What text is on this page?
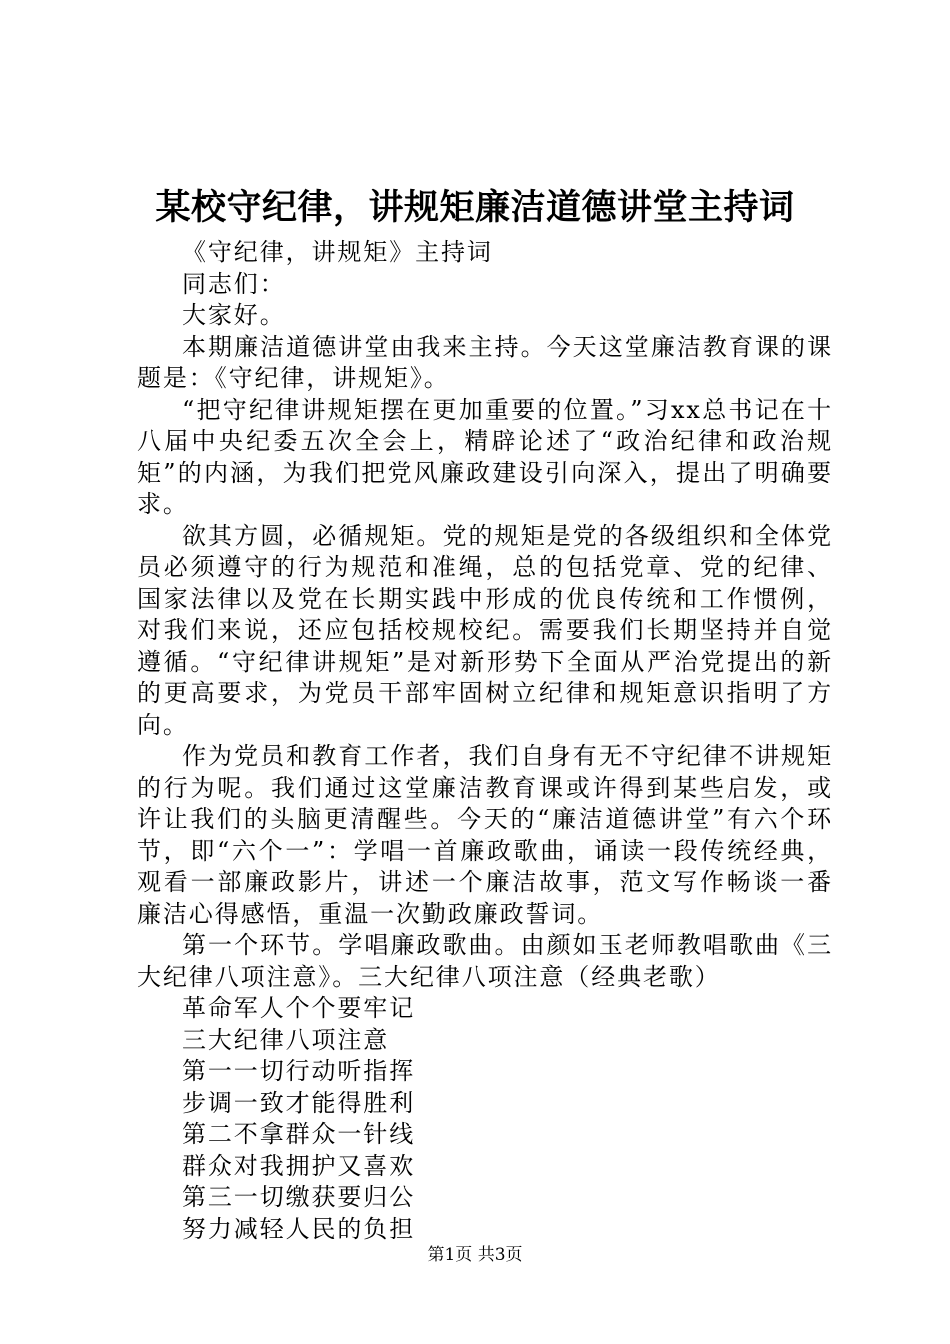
某校守纪律，讲规矩廉洁道德讲堂主持词

《守纪律，讲规矩》主持词

同志们：

大家好。

本期廉洁道德讲堂由我来主持。今天这堂廉洁教育课的课题是：《守纪律，讲规矩》。

“把守纪律讲规矩摆在更加重要的位置。”习xx总书记在十八届中央纪委五次全会上，精辟论述了“政治纪律和政治规矩”的内涵，为我们把党风廉政建设引向深入，提出了明确要求。

欲其方圆，必循规矩。党的规矩是党的各级组织和全体党员必须遵守的行为规范和准绳，总的包括党章、党的纪律、国家法律以及党在长期实践中形成的优良传统和工作惯例，对我们来说，还应包括校规校纪。需要我们长期坚持并自觉遵循。“守纪律讲规矩”是对新形势下全面从严治党提出的新的更高要求，为党员干部牢固树立纪律和规矩意识指明了方向。

作为党员和教育工作者，我们自身有无不守纪律不讲规矩的行为呢。我们通过这堂廉洁教育课或许得到某些启发，或许让我们的头脑更清醒些。今天的“廉洁道德讲堂”有六个环节，即“六个一”：学唱一首廉政歌曲，诵读一段传统经典，观看一部廉政影片，讲述一个廉洁故事，范文写作畅谈一番廉洁心得感悟，重温一次勤政廉政誓词。

第一个环节。学唱廉政歌曲。由颜如玉老师教唱歌曲《三大纪律八项注意》。三大纪律八项注意（经典老歌）

革命军人个个要牢记

三大纪律八项注意

第一一切行动听指挥

步调一致才能得胜利

第二不拿群众一针线

群众对我拥护又喜欢

第三一切缴获要归公

努力减轻人民的负担

第1页 共3页
